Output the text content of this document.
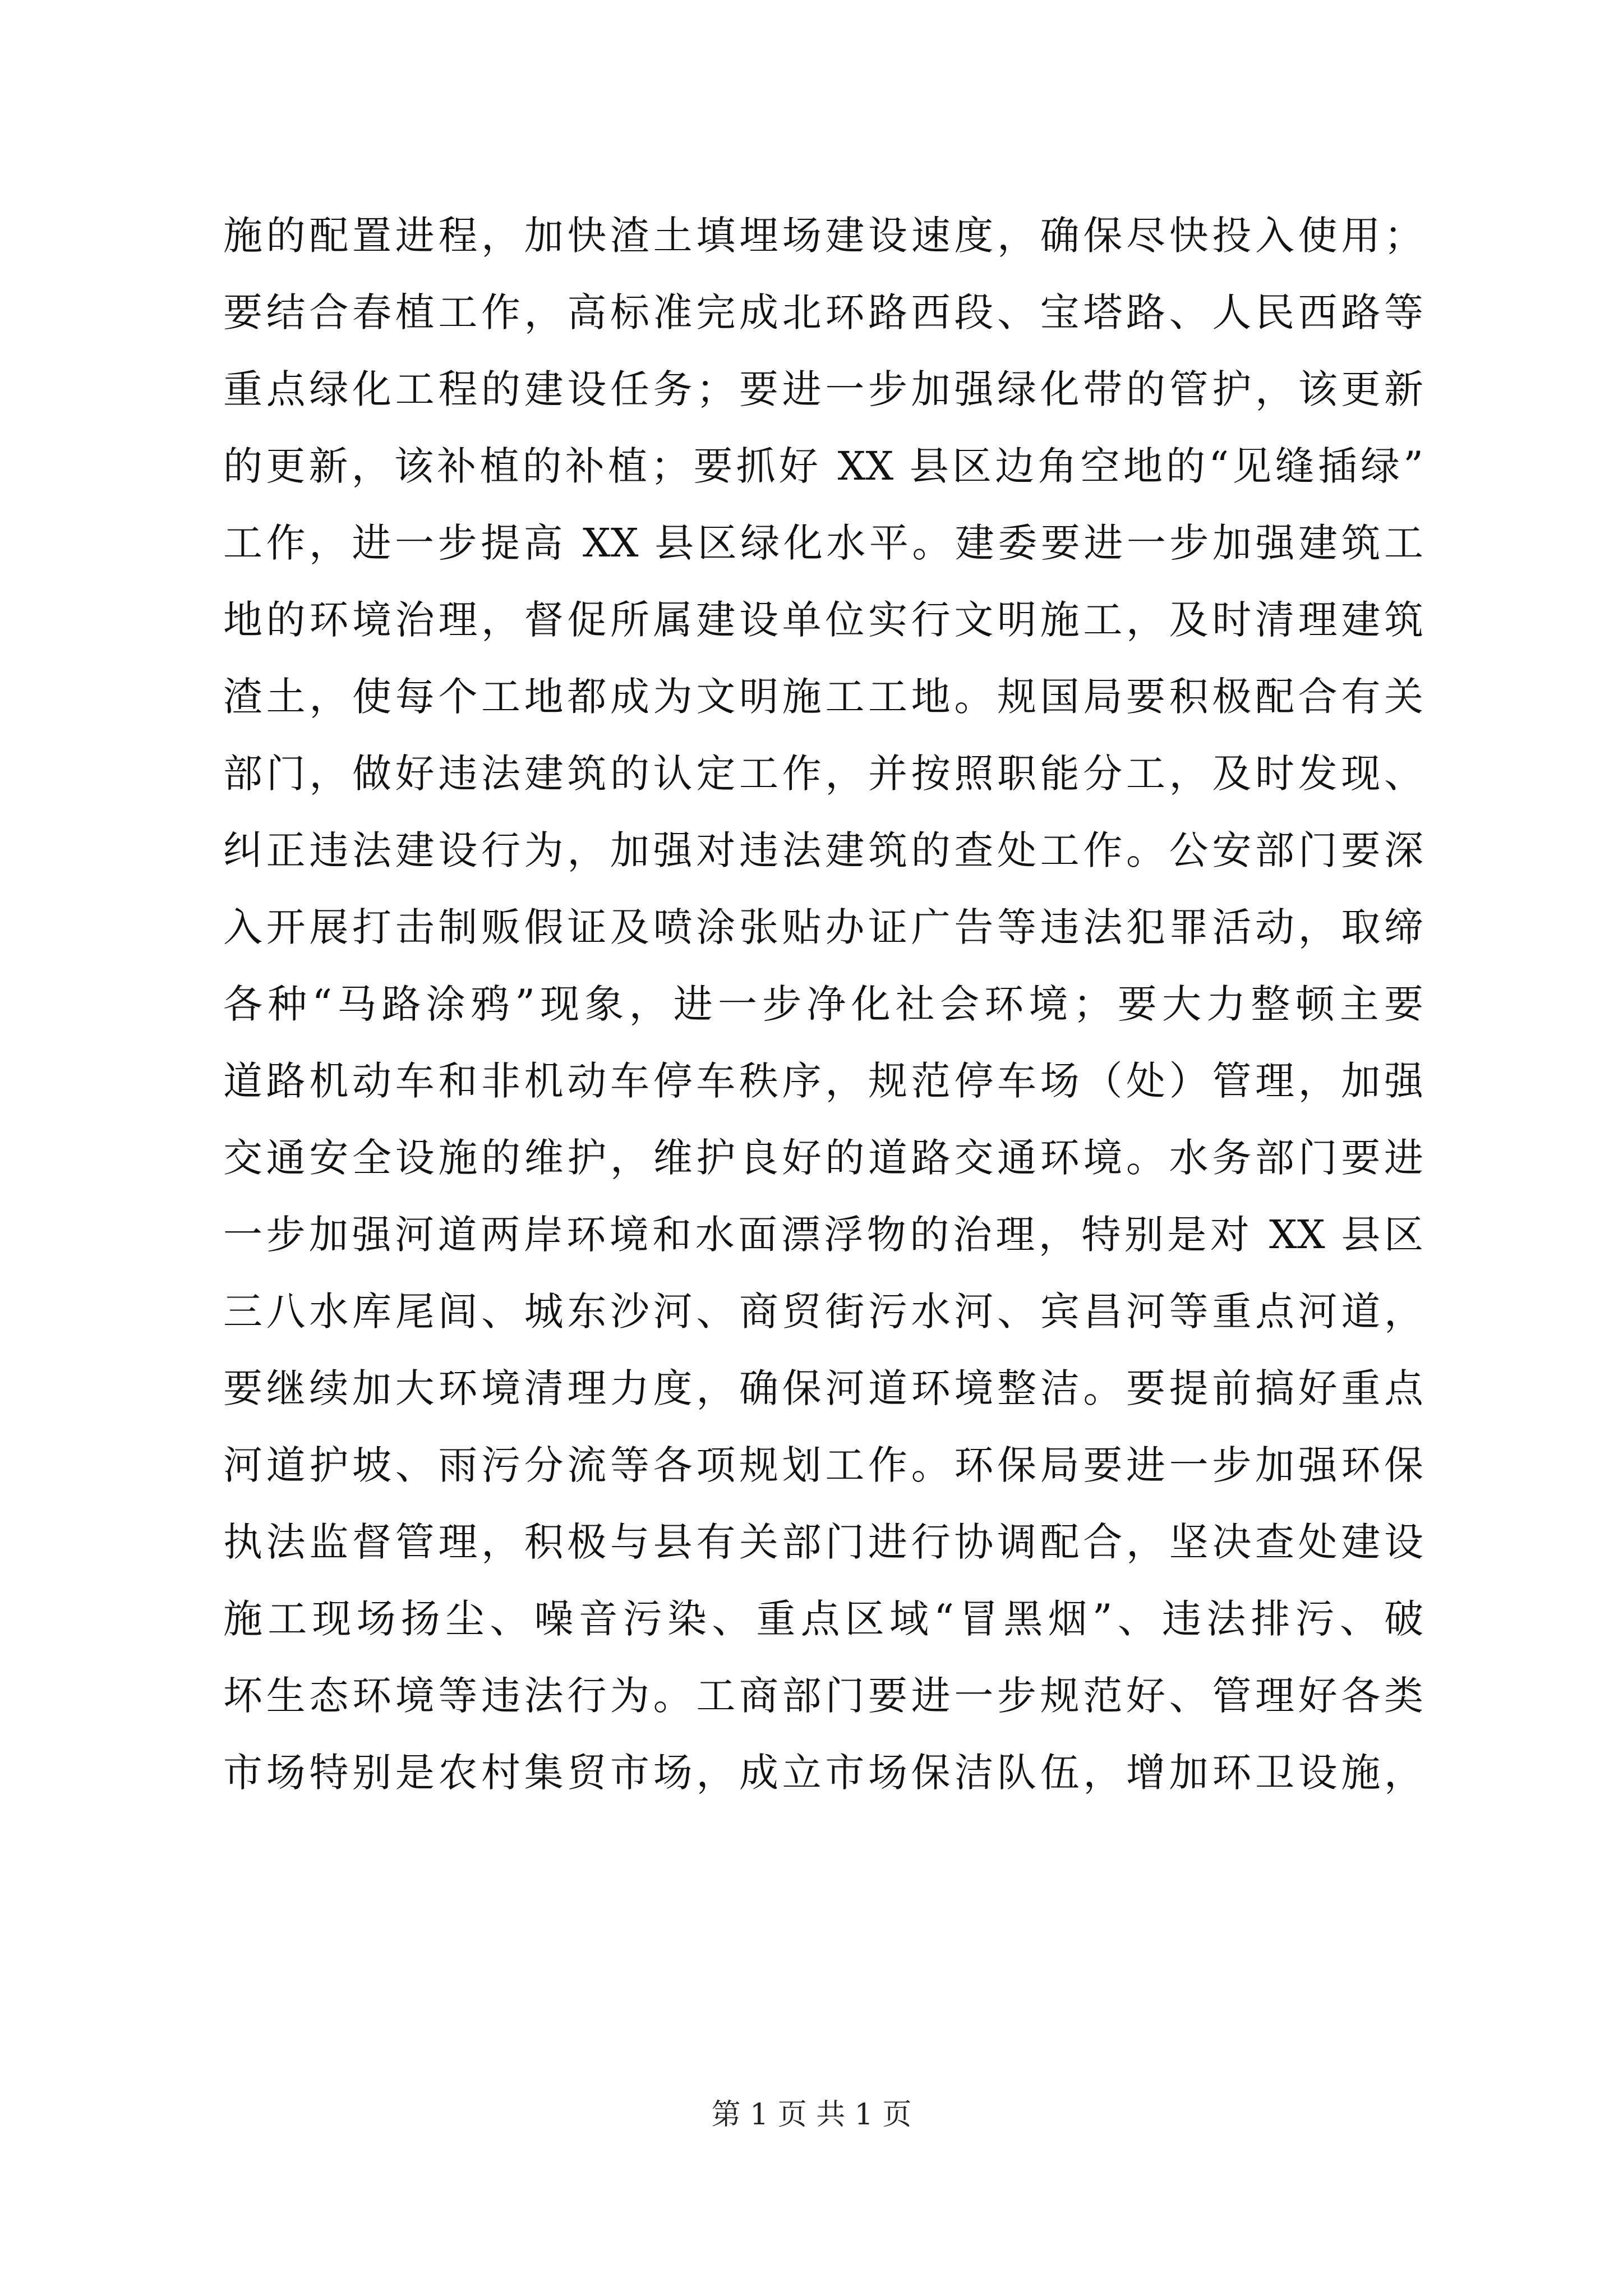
施的配置进程，加快渣土填埋场建设速度，确保尽快投入使用；
要结合春植工作，高标准完成北环路西段、宝塔路、人民西路等
重点绿化工程的建设任务；要进一步加强绿化带的管护，该更新
的更新，该补植的补植；要抓好 XX 县区边角空地的“见缝插绿”
工作，进一步提高 XX 县区绿化水平。建委要进一步加强建筑工
地的环境治理，督促所属建设单位实行文明施工，及时清理建筑
渣土，使每个工地都成为文明施工工地。规国局要积极配合有关
部门，做好违法建筑的认定工作，并按照职能分工，及时发现、
纠正违法建设行为，加强对违法建筑的查处工作。公安部门要深
入开展打击制贩假证及喷涂张贴办证广告等违法犯罪活动，取缔
各种“马路涂鸦”现象，进一步净化社会环境；要大力整顿主要
道路机动车和非机动车停车秩序，规范停车场（处）管理，加强
交通安全设施的维护，维护良好的道路交通环境。水务部门要进
一步加强河道两岸环境和水面漂浮物的治理，特别是对 XX 县区
三八水库尾闾、城东沙河、商贸街污水河、宾昌河等重点河道，
要继续加大环境清理力度，确保河道环境整洁。要提前搞好重点
河道护坡、雨污分流等各项规划工作。环保局要进一步加强环保
执法监督管理，积极与县有关部门进行协调配合，坚决查处建设
施工现场扬尘、噪音污染、重点区域“冒黑烟”、违法排污、破
坏生态环境等违法行为。工商部门要进一步规范好、管理好各类
市场特别是农村集贸市场，成立市场保洁队伍，增加环卫设施，
第 1 页 共 1 页
